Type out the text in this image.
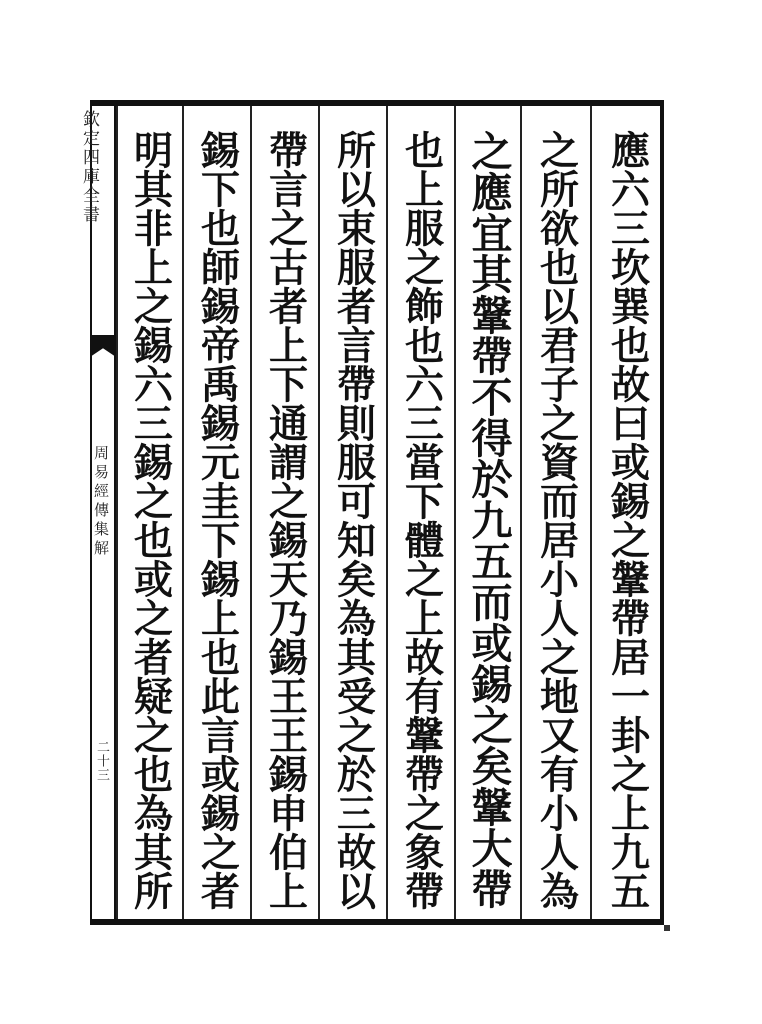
欽定四庫全書
周易經傳集解
二十三	應六三坎巽也故曰或錫之鞶帶居一卦之上九五
之所欲也以君子之資而居小人之地又有小人為
之應宜其鞶帶不得於九五而或錫之矣鞶大帶
也上服之飾也六三當下體之上故有鞶帶之象帶
所以束服者言帶則服可知矣為其受之於三故以
帶言之古者上下通謂之錫天乃錫王王錫申伯上
錫下也師錫帝禹錫元圭下錫上也此言或錫之者
明其非上之錫六三錫之也或之者疑之也為其所
